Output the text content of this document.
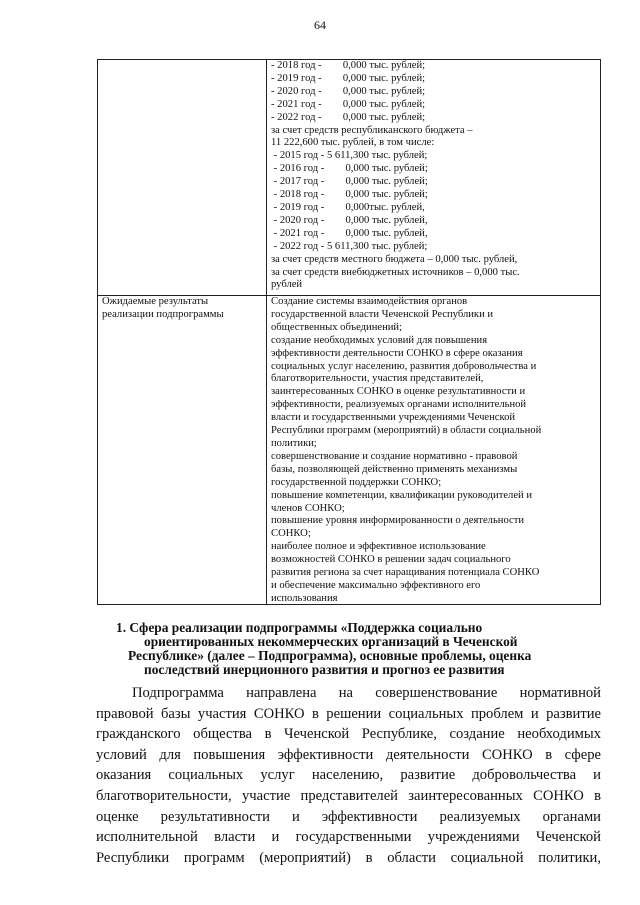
64
- 2018 год -        0,000 тыс. рублей;
- 2019 год -        0,000 тыс. рублей;
- 2020 год -        0,000 тыс. рублей;
- 2021 год -        0,000 тыс. рублей;
- 2022 год -        0,000 тыс. рублей;
за счет средств республиканского бюджета –
11 222,600 тыс. рублей, в том числе:
- 2015 год - 5 611,300 тыс. рублей;
- 2016 год -        0,000 тыс. рублей;
- 2017 год -        0,000 тыс. рублей;
- 2018 год -        0,000 тыс. рублей;
- 2019 год -        0,000тыс. рублей,
- 2020 год -        0,000 тыс. рублей,
- 2021 год -        0,000 тыс. рублей,
- 2022 год - 5 611,300 тыс. рублей;
за счет средств местного бюджета – 0,000 тыс. рублей,
за счет средств внебюджетных источников – 0,000 тыс.
рублей
Ожидаемые результаты
реализации подпрограммы
Создание системы взаимодействия органов
государственной власти Чеченской Республики и
общественных объединений;
создание необходимых условий для повышения
эффективности деятельности СОНКО в сфере оказания
социальных услуг населению, развития добровольчества и
благотворительности, участия представителей,
заинтересованных СОНКО в оценке результативности и
эффективности, реализуемых органами исполнительной
власти и государственными учреждениями Чеченской
Республики программ (мероприятий) в области социальной
политики;
совершенствование и создание нормативно - правовой
базы, позволяющей действенно применять механизмы
государственной поддержки СОНКО;
повышение компетенции, квалификации руководителей и
членов СОНКО;
повышение уровня информированности о деятельности
СОНКО;
наиболее полное и эффективное использование
возможностей СОНКО в решении задач социального
развития региона за счет наращивания потенциала СОНКО
и обеспечение максимально эффективного его
использования
1. Сфера реализации подпрограммы «Поддержка социально
ориентированных некоммерческих организаций в Чеченской
Республике» (далее – Подпрограмма), основные проблемы, оценка
последствий инерционного развития и прогноз ее развития
Подпрограмма направлена на совершенствование нормативной
правовой базы участия СОНКО в решении социальных проблем и развитие
гражданского общества в Чеченской Республике, создание необходимых
условий для повышения эффективности деятельности СОНКО в сфере
оказания социальных услуг населению, развитие добровольчества и
благотворительности, участие представителей заинтересованных СОНКО в
оценке результативности и эффективности реализуемых органами
исполнительной власти и государственными учреждениями Чеченской
Республики программ (мероприятий) в области социальной политики,
